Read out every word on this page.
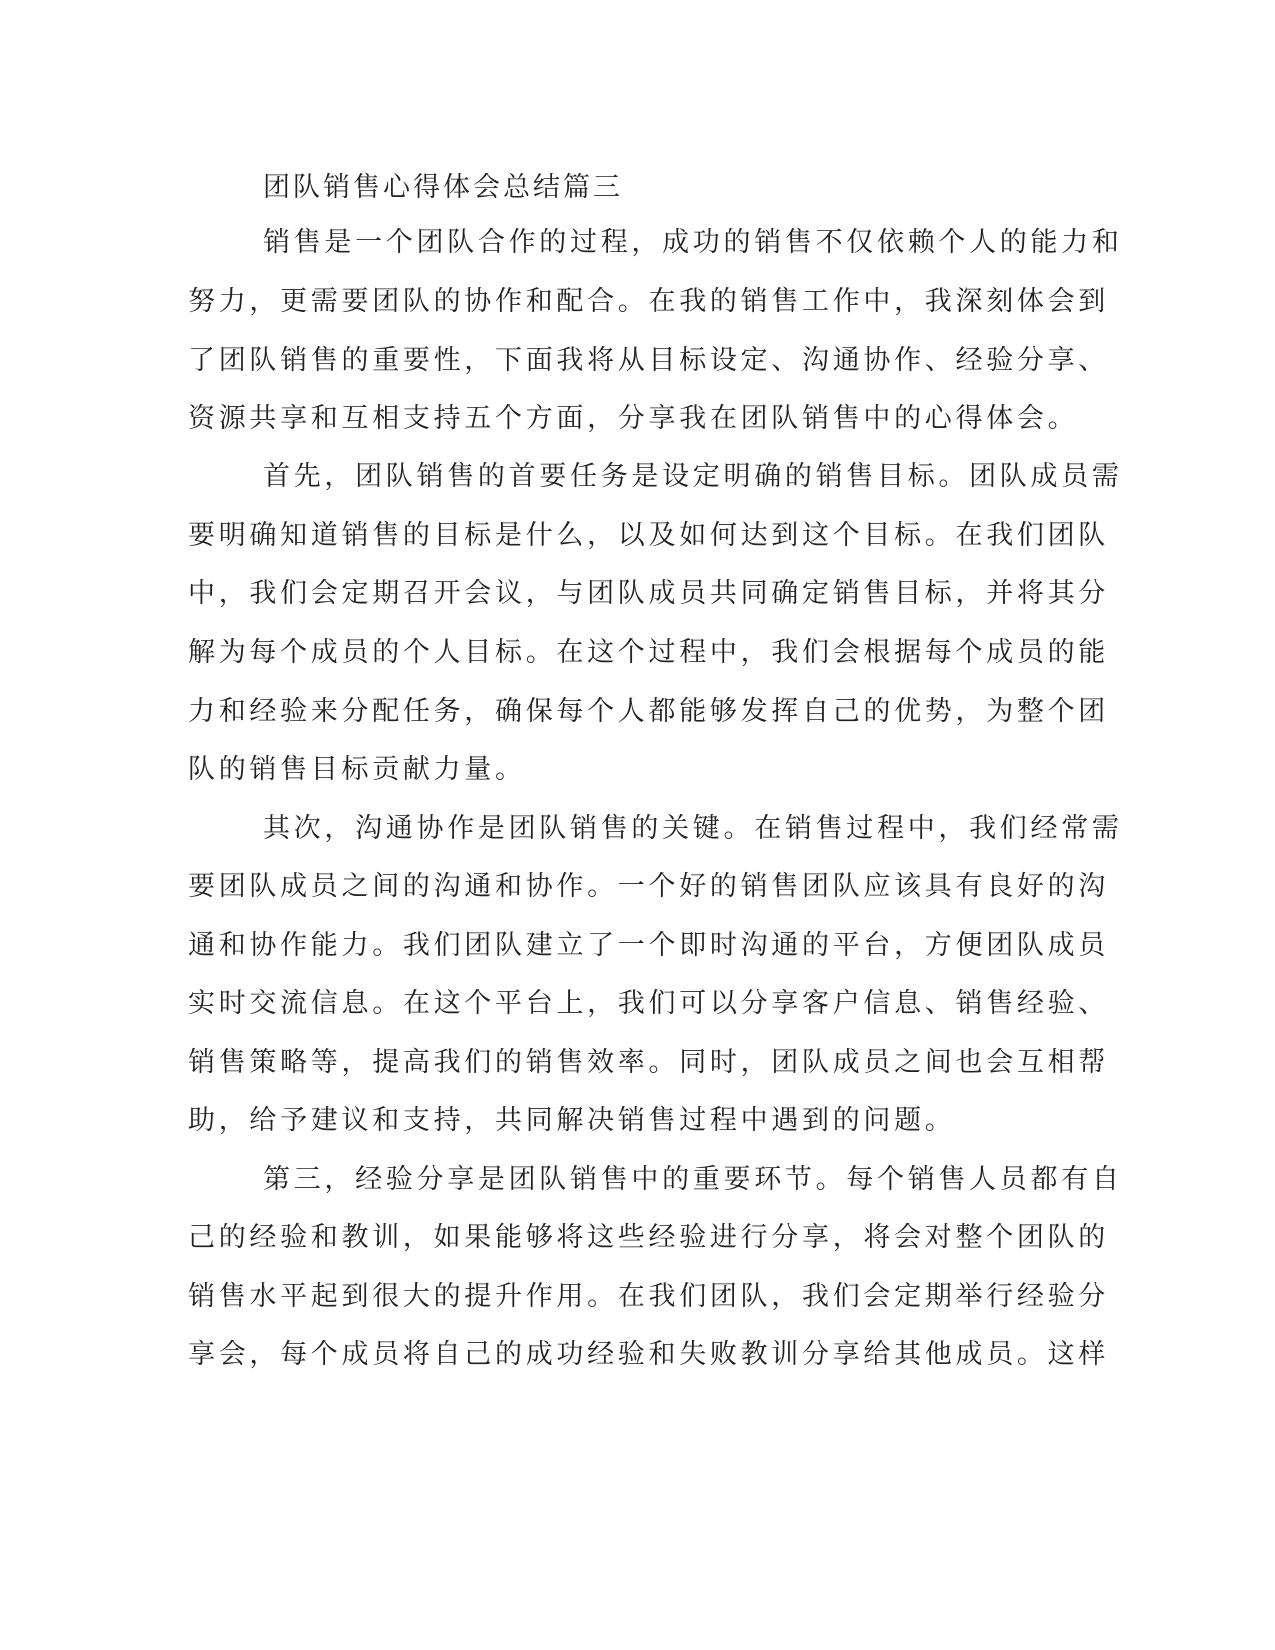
团队销售心得体会总结篇三

销售是一个团队合作的过程，成功的销售不仅依赖个人的能力和

努力，更需要团队的协作和配合。在我的销售工作中，我深刻体会到

了团队销售的重要性，下面我将从目标设定、沟通协作、经验分享、

资源共享和互相支持五个方面，分享我在团队销售中的心得体会。

首先，团队销售的首要任务是设定明确的销售目标。团队成员需

要明确知道销售的目标是什么，以及如何达到这个目标。在我们团队

中，我们会定期召开会议，与团队成员共同确定销售目标，并将其分

解为每个成员的个人目标。在这个过程中，我们会根据每个成员的能

力和经验来分配任务，确保每个人都能够发挥自己的优势，为整个团

队的销售目标贡献力量。

其次，沟通协作是团队销售的关键。在销售过程中，我们经常需

要团队成员之间的沟通和协作。一个好的销售团队应该具有良好的沟

通和协作能力。我们团队建立了一个即时沟通的平台，方便团队成员

实时交流信息。在这个平台上，我们可以分享客户信息、销售经验、

销售策略等，提高我们的销售效率。同时，团队成员之间也会互相帮

助，给予建议和支持，共同解决销售过程中遇到的问题。

第三，经验分享是团队销售中的重要环节。每个销售人员都有自

己的经验和教训，如果能够将这些经验进行分享，将会对整个团队的

销售水平起到很大的提升作用。在我们团队，我们会定期举行经验分

享会，每个成员将自己的成功经验和失败教训分享给其他成员。这样
